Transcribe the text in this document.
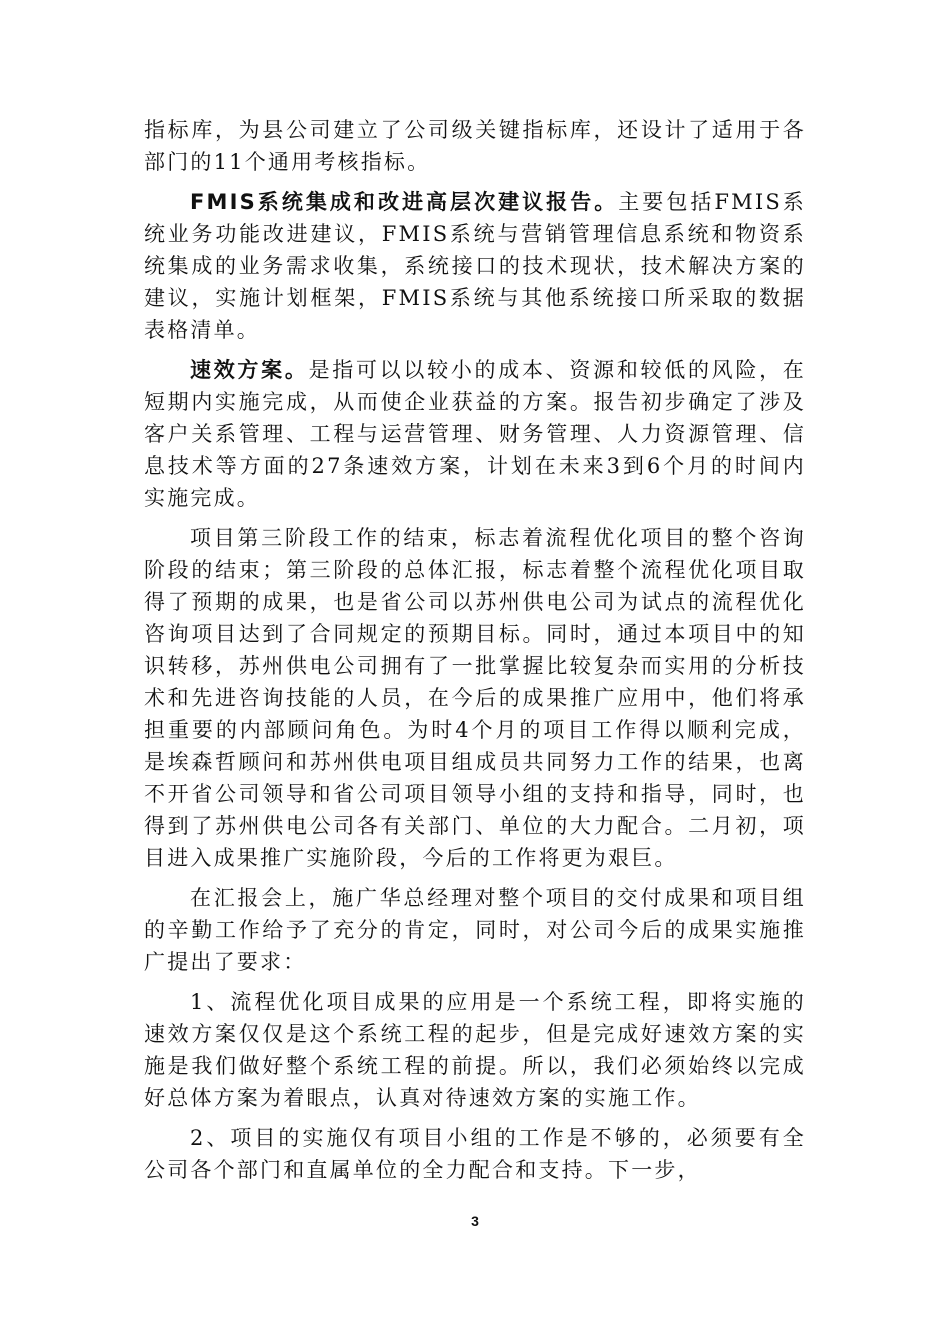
指标库，为县公司建立了公司级关键指标库，还设计了适用于各部门的11个通用考核指标。

FMIS系统集成和改进高层次建议报告。主要包括FMIS系统业务功能改进建议，FMIS系统与营销管理信息系统和物资系统集成的业务需求收集，系统接口的技术现状，技术解决方案的建议，实施计划框架，FMIS系统与其他系统接口所采取的数据表格清单。

速效方案。是指可以以较小的成本、资源和较低的风险，在短期内实施完成，从而使企业获益的方案。报告初步确定了涉及客户关系管理、工程与运营管理、财务管理、人力资源管理、信息技术等方面的27条速效方案，计划在未来3到6个月的时间内实施完成。

项目第三阶段工作的结束，标志着流程优化项目的整个咨询阶段的结束；第三阶段的总体汇报，标志着整个流程优化项目取得了预期的成果，也是省公司以苏州供电公司为试点的流程优化咨询项目达到了合同规定的预期目标。同时，通过本项目中的知识转移，苏州供电公司拥有了一批掌握比较复杂而实用的分析技术和先进咨询技能的人员，在今后的成果推广应用中，他们将承担重要的内部顾问角色。为时4个月的项目工作得以顺利完成，是埃森哲顾问和苏州供电项目组成员共同努力工作的结果，也离不开省公司领导和省公司项目领导小组的支持和指导，同时，也得到了苏州供电公司各有关部门、单位的大力配合。二月初，项目进入成果推广实施阶段，今后的工作将更为艰巨。

在汇报会上，施广华总经理对整个项目的交付成果和项目组的辛勤工作给予了充分的肯定，同时，对公司今后的成果实施推广提出了要求：

1、流程优化项目成果的应用是一个系统工程，即将实施的速效方案仅仅是这个系统工程的起步，但是完成好速效方案的实施是我们做好整个系统工程的前提。所以，我们必须始终以完成好总体方案为着眼点，认真对待速效方案的实施工作。

2、项目的实施仅有项目小组的工作是不够的，必须要有全公司各个部门和直属单位的全力配合和支持。下一步，

3
